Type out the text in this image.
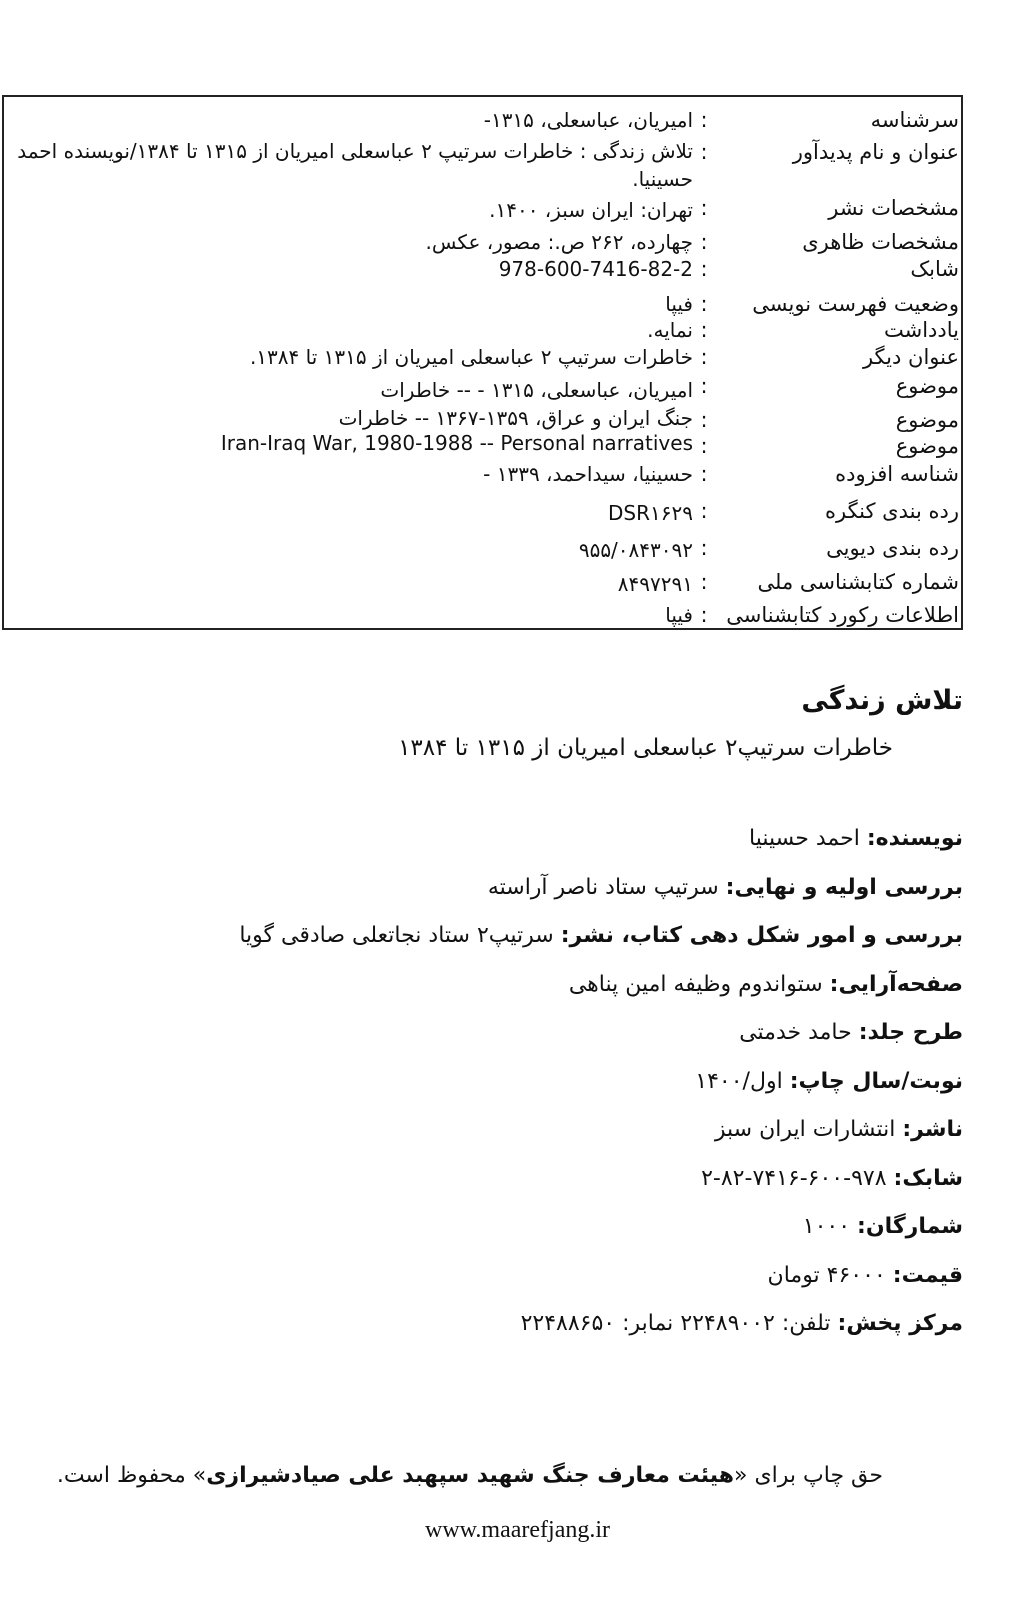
سرشناسه
:
امیریان، عباسعلی، ۱۳۱۵-
عنوان و نام پدیدآور
:
تلاش زندگی : خاطرات سرتیپ ۲ عباسعلی امیریان از ۱۳۱۵ تا ۱۳۸۴/نویسنده احمد حسینیا.
مشخصات نشر
:
تهران: ایران سبز، ۱۴۰۰.
مشخصات ظاهری
:
چهارده، ۲۶۲ ص.: مصور، عکس.
شابک
:
978-600-7416-82-2
وضعیت فهرست نویسی
:
فیپا
یادداشت
:
نمایه.
عنوان دیگر
:
خاطرات سرتیپ ۲ عباسعلی امیریان از ۱۳۱۵ تا ۱۳۸۴.
موضوع
:
امیریان، عباسعلی، ۱۳۱۵ - -- خاطرات
موضوع
:
جنگ ایران و عراق، ۱۳۵۹-۱۳۶۷ -- خاطرات
موضوع
:
Iran-Iraq War, 1980-1988 -- Personal narratives
شناسه افزوده
:
حسینیا، سیداحمد، ۱۳۳۹ -
رده بندی کنگره
:
DSR۱۶۲۹
رده بندی دیویی
:
۹۵۵/۰۸۴۳۰۹۲
شماره کتابشناسی ملی
:
۸۴۹۷۲۹۱
اطلاعات رکورد کتابشناسی
:
فیپا
تلاش زندگی
خاطرات سرتیپ۲ عباسعلی امیریان از ۱۳۱۵ تا ۱۳۸۴
نویسنده: احمد حسینیا
بررسی اولیه و نهایی: سرتیپ ستاد ناصر آراسته
بررسی و امور شکل دهی کتاب، نشر: سرتیپ۲ ستاد نجاتعلی صادقی گویا
صفحه‌آرایی: ستواندوم وظیفه امین پناهی
طرح جلد: حامد خدمتی
نوبت/سال چاپ: اول/۱۴۰۰
ناشر: انتشارات ایران سبز
شابک: ۹۷۸-۶۰۰-۷۴۱۶-۸۲-۲
شمارگان: ۱۰۰۰
قیمت: ۴۶۰۰۰ تومان
مرکز پخش: تلفن: ۲۲۴۸۹۰۰۲ نمابر: ۲۲۴۸۸۶۵۰
حق چاپ برای «هیئت معارف جنگ شهید سپهبد علی صیادشیرازی» محفوظ است.
www.maarefjang.ir
